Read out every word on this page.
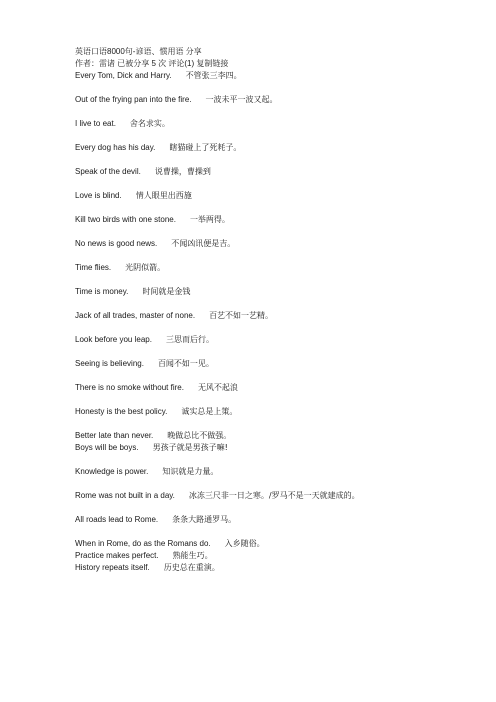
英语口语8000句-谚语、惯用语 分享
作者：雷诸 已被分享 5 次 评论(1) 复制链接
Every Tom, Dick and Harry. 不管张三李四。
Out of the frying pan into the fire. 一波未平一波又起。
I live to eat. 舍名求实。
Every dog has his day. 瞎猫碰上了死耗子。
Speak of the devil. 说曹操，曹操到
Love is blind. 情人眼里出西施
Kill two birds with one stone. 一举两得。
No news is good news. 不闻凶讯便是吉。
Time flies. 光阴似箭。
Time is money. 时间就是金钱
Jack of all trades, master of none. 百艺不如一艺精。
Look before you leap. 三思而后行。
Seeing is believing. 百闻不如一见。
There is no smoke without fire. 无风不起浪
Honesty is the best policy. 诚实总是上策。
Better late than never. 晚做总比不做强。
Boys will be boys. 男孩子就是男孩子嘛!
Knowledge is power. 知识就是力量。
Rome was not built in a day. 冰冻三尺非一日之寒。/罗马不是一天就建成的。
All roads lead to Rome. 条条大路通罗马。
When in Rome, do as the Romans do. 入乡随俗。
Practice makes perfect. 熟能生巧。
History repeats itself. 历史总在重演。
